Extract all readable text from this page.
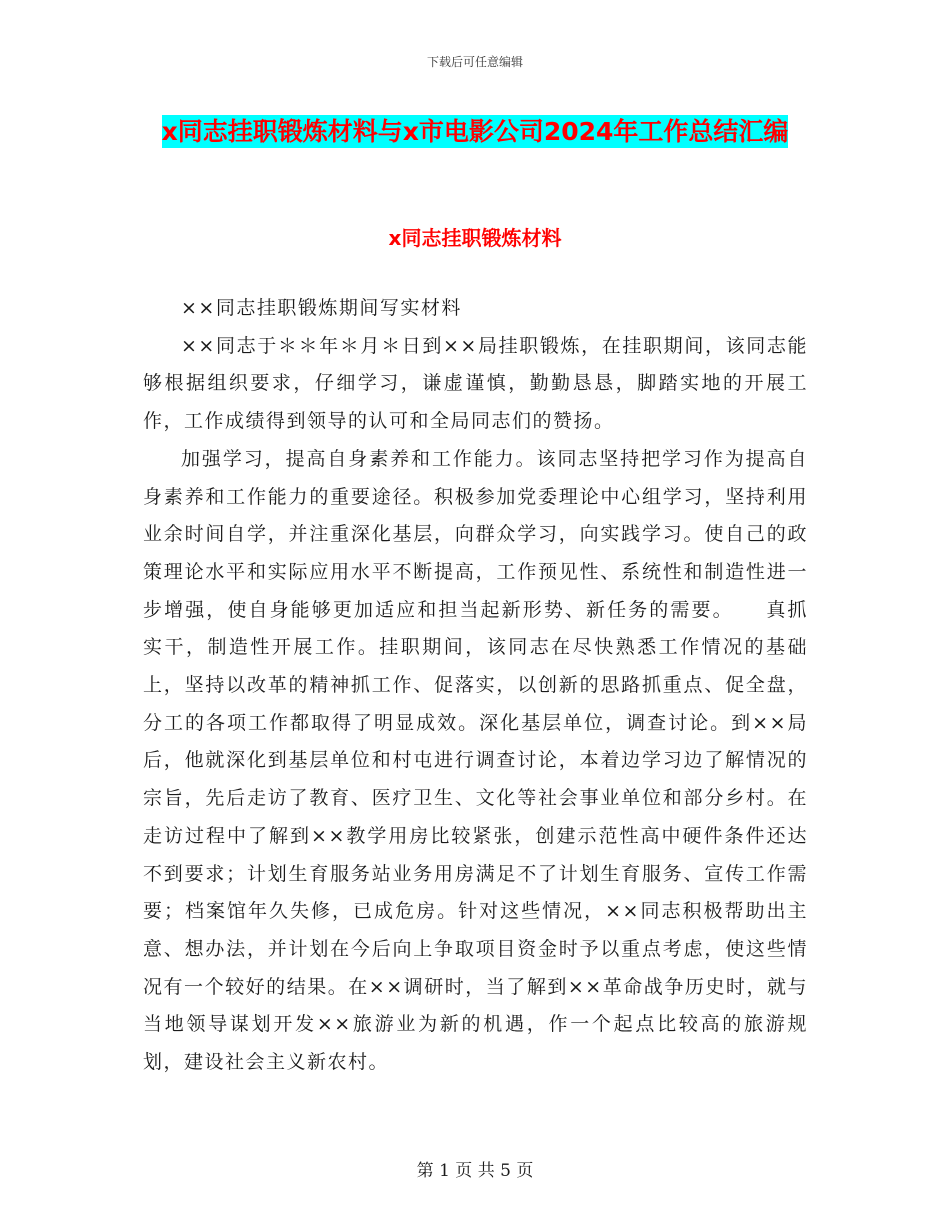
下载后可任意编辑
x同志挂职锻炼材料与x市电影公司2024年工作总结汇编
x同志挂职锻炼材料

××同志挂职锻炼期间写实材料

××同志于＊＊年＊月＊日到××局挂职锻炼，在挂职期间，该同志能够根据组织要求，仔细学习，谦虚谨慎，勤勤恳恳，脚踏实地的开展工作，工作成绩得到领导的认可和全局同志们的赞扬。

加强学习，提高自身素养和工作能力。该同志坚持把学习作为提高自身素养和工作能力的重要途径。积极参加党委理论中心组学习，坚持利用业余时间自学，并注重深化基层，向群众学习，向实践学习。使自己的政策理论水平和实际应用水平不断提高，工作预见性、系统性和制造性进一步增强，使自身能够更加适应和担当起新形势、新任务的需要。　　真抓实干，制造性开展工作。挂职期间，该同志在尽快熟悉工作情况的基础上，坚持以改革的精神抓工作、促落实，以创新的思路抓重点、促全盘，分工的各项工作都取得了明显成效。深化基层单位，调查讨论。到××局后，他就深化到基层单位和村屯进行调查讨论，本着边学习边了解情况的宗旨，先后走访了教育、医疗卫生、文化等社会事业单位和部分乡村。在走访过程中了解到××教学用房比较紧张，创建示范性高中硬件条件还达不到要求；计划生育服务站业务用房满足不了计划生育服务、宣传工作需要；档案馆年久失修，已成危房。针对这些情况，××同志积极帮助出主意、想办法，并计划在今后向上争取项目资金时予以重点考虑，使这些情况有一个较好的结果。在××调研时，当了解到××革命战争历史时，就与当地领导谋划开发××旅游业为新的机遇，作一个起点比较高的旅游规划，建设社会主义新农村。

第 1 页 共 5 页
